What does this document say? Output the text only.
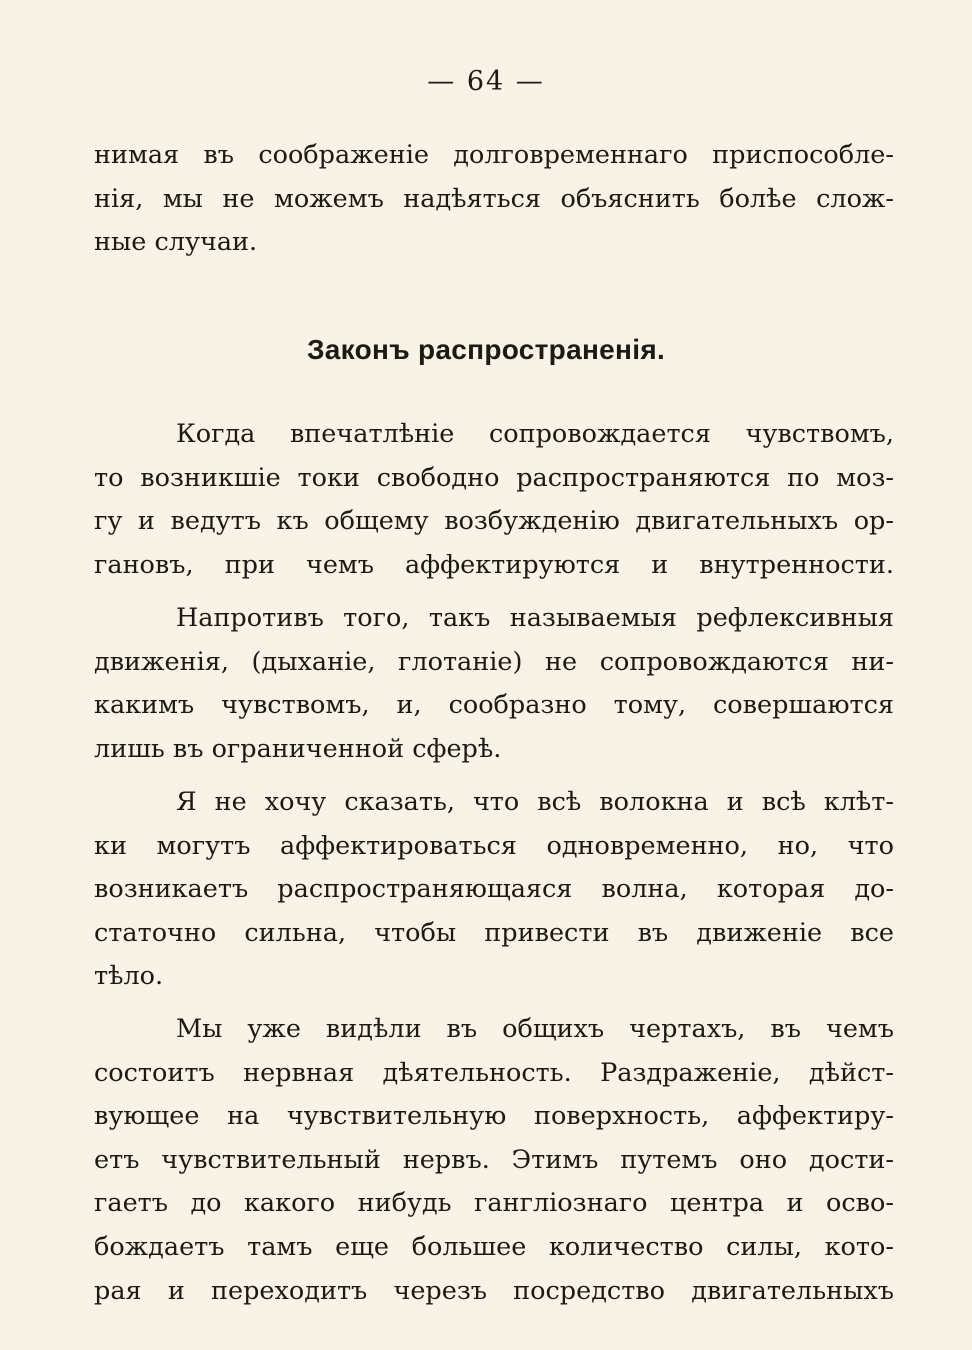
— 64 —
нимая въ соображеніе долговременнаго приспособле-
нія, мы не можемъ надѣяться объяснить болѣе слож-
ные случаи.
Законъ распространенія.
Когда впечатлѣніе сопровождается чувствомъ,
то возникшіе токи свободно распространяются по моз-
гу и ведутъ къ общему возбужденію двигательныхъ ор-
гановъ, при чемъ аффектируются и внутренности.
Напротивъ того, такъ называемыя рефлексивныя
движенія, (дыханіе, глотаніе) не сопровождаются ни-
какимъ чувствомъ, и, сообразно тому, совершаются
лишь въ ограниченной сферѣ.
Я не хочу сказать, что всѣ волокна и всѣ клѣт-
ки могутъ аффектироваться одновременно, но, что
возникаетъ распространяющаяся волна, которая до-
статочно сильна, чтобы привести въ движеніе все
тѣло.
Мы уже видѣли въ общихъ чертахъ, въ чемъ
состоитъ нервная дѣятельность. Раздраженіе, дѣйст-
вующее на чувствительную поверхность, аффектиру-
етъ чувствительный нервъ. Этимъ путемъ оно дости-
гаетъ до какого нибудь гангліознаго центра и осво-
бождаетъ тамъ еще большее количество силы, кото-
рая и переходитъ черезъ посредство двигательныхъ
